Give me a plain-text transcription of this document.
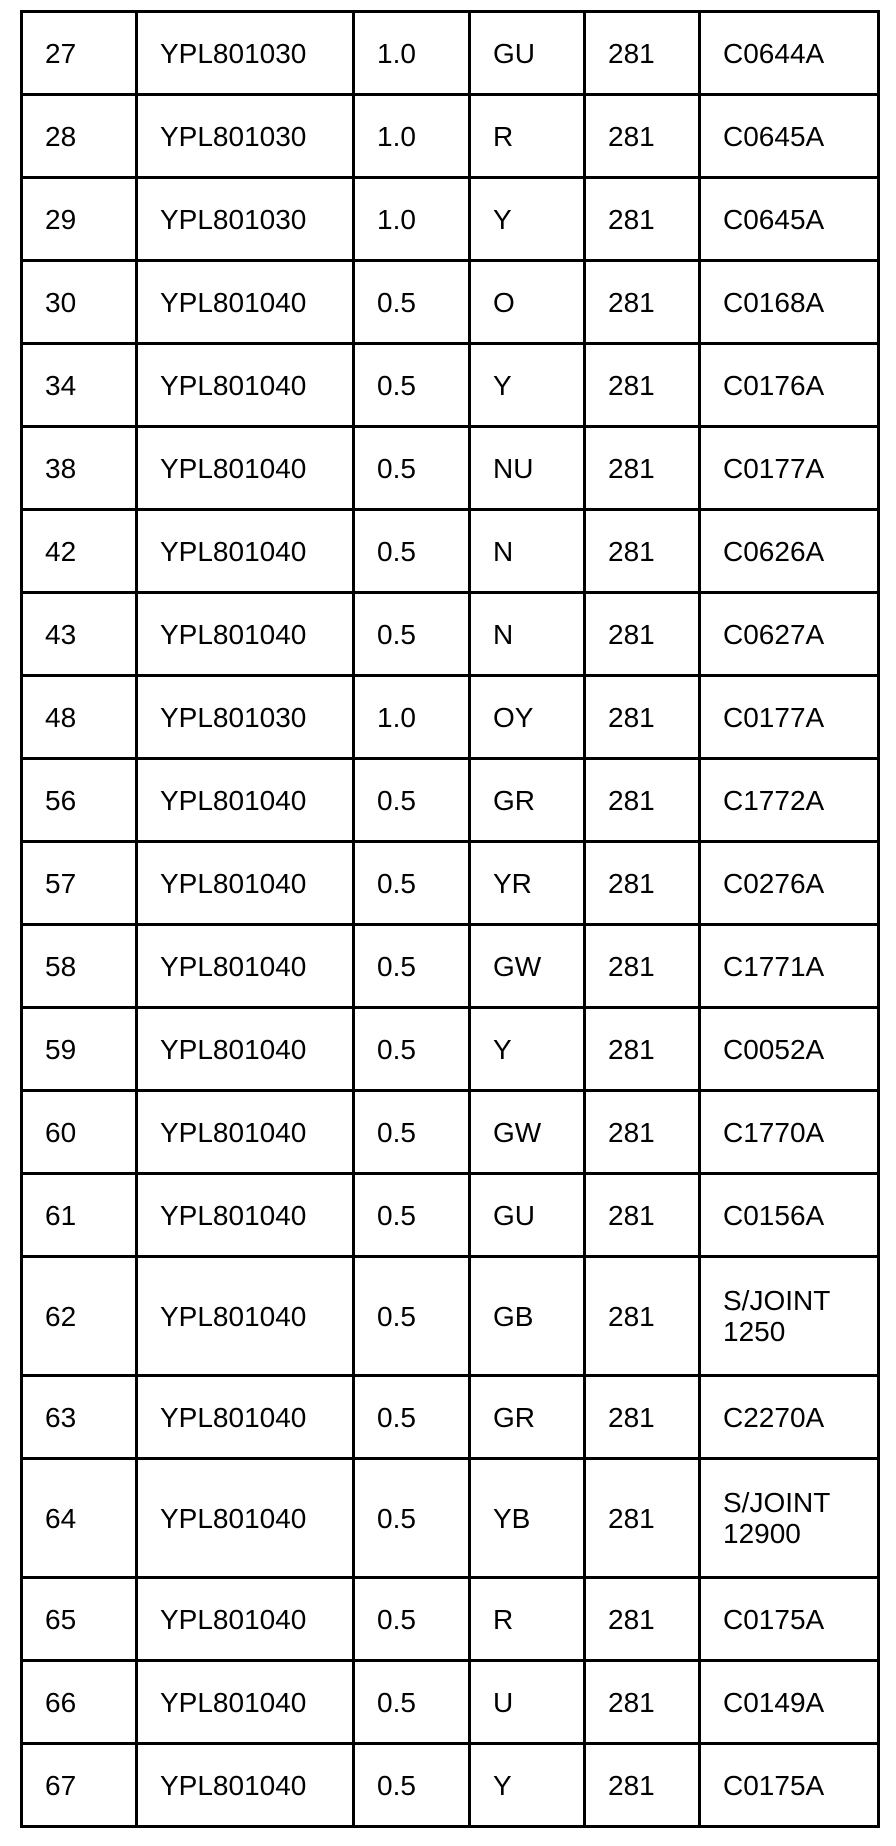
27	YPL801030	1.0	GU	281	C0644A
28	YPL801030	1.0	R	281	C0645A
29	YPL801030	1.0	Y	281	C0645A
30	YPL801040	0.5	O	281	C0168A
34	YPL801040	0.5	Y	281	C0176A
38	YPL801040	0.5	NU	281	C0177A
42	YPL801040	0.5	N	281	C0626A
43	YPL801040	0.5	N	281	C0627A
48	YPL801030	1.0	OY	281	C0177A
56	YPL801040	0.5	GR	281	C1772A
57	YPL801040	0.5	YR	281	C0276A
58	YPL801040	0.5	GW	281	C1771A
59	YPL801040	0.5	Y	281	C0052A
60	YPL801040	0.5	GW	281	C1770A
61	YPL801040	0.5	GU	281	C0156A
62	YPL801040	0.5	GB	281	S/JOINT 1250
63	YPL801040	0.5	GR	281	C2270A
64	YPL801040	0.5	YB	281	S/JOINT 12900
65	YPL801040	0.5	R	281	C0175A
66	YPL801040	0.5	U	281	C0149A
67	YPL801040	0.5	Y	281	C0175A
